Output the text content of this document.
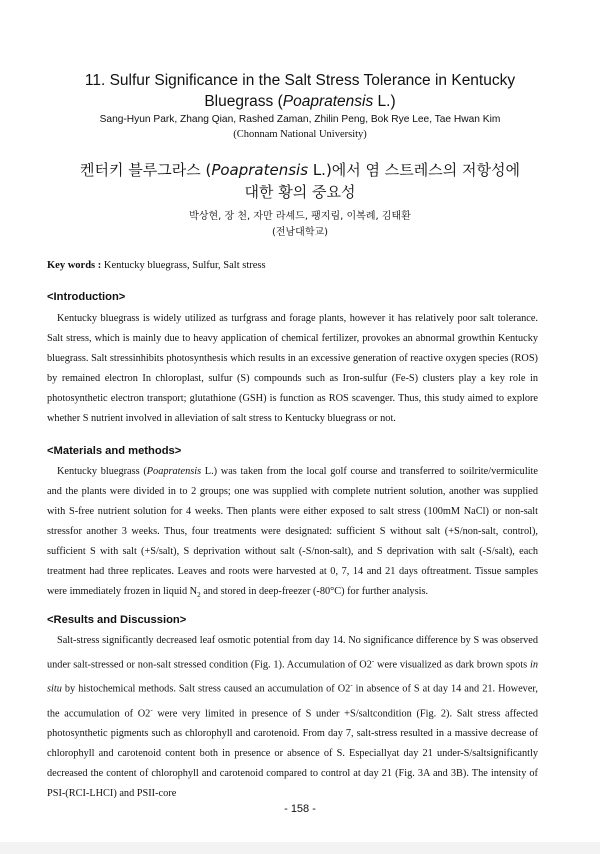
11. Sulfur Significance in the Salt Stress Tolerance in Kentucky
Bluegrass (Poapratensis L.)
Sang-Hyun Park, Zhang Qian, Rashed Zaman, Zhilin Peng, Bok Rye Lee, Tae Hwan Kim
(Chonnam National University)
켄터키 블루그라스 (Poapratensis L.)에서 염 스트레스의 저항성에
대한 황의 중요성
박상현, 장 천, 자만 라셰드, 팽지림, 이복례, 김태환
(전남대학교)
Key words : Kentucky bluegrass, Sulfur, Salt stress
<Introduction>
Kentucky bluegrass is widely utilized as turfgrass and forage plants, however it has relatively poor salt tolerance. Salt stress, which is mainly due to heavy application of chemical fertilizer, provokes an abnormal growthin Kentucky bluegrass. Salt stressinhibits photosynthesis which results in an excessive generation of reactive oxygen species (ROS) by remained electron In chloroplast, sulfur (S) compounds such as Iron-sulfur (Fe-S) clusters play a key role in photosynthetic electron transport; glutathione (GSH) is function as ROS scavenger. Thus, this study aimed to explore whether S nutrient involved in alleviation of salt stress to Kentucky bluegrass or not.
<Materials and methods>
Kentucky bluegrass (Poapratensis L.) was taken from the local golf course and transferred to soilrite/vermiculite and the plants were divided in to 2 groups; one was supplied with complete nutrient solution, another was supplied with S-free nutrient solution for 4 weeks. Then plants were either exposed to salt stress (100mM NaCl) or non-salt stressfor another 3 weeks. Thus, four treatments were designated: sufficient S without salt (+S/non-salt, control), sufficient S with salt (+S/salt), S deprivation without salt (-S/non-salt), and S deprivation with salt (-S/salt), each treatment had three replicates. Leaves and roots were harvested at 0, 7, 14 and 21 days oftreatment. Tissue samples were immediately frozen in liquid $N_2$ and stored in deep-freezer (-80°C) for further analysis.
<Results and Discussion>
Salt-stress significantly decreased leaf osmotic potential from day 14. No significance difference by S was observed under salt-stressed or non-salt stressed condition (Fig. 1). Accumulation of O2- were visualized as dark brown spots in situ by histochemical methods. Salt stress caused an accumulation of O2- in absence of S at day 14 and 21. However, the accumulation of O2- were very limited in presence of S under +S/saltcondition (Fig. 2). Salt stress affected photosynthetic pigments such as chlorophyll and carotenoid. From day 7, salt-stress resulted in a massive decrease of chlorophyll and carotenoid content both in presence or absence of S. Especiallyat day 21 under-S/saltsignificantly decreased the content of chlorophyll and carotenoid compared to control at day 21 (Fig. 3A and 3B). The intensity of PSI-(RCI-LHCI) and PSII-core
- 158 -
